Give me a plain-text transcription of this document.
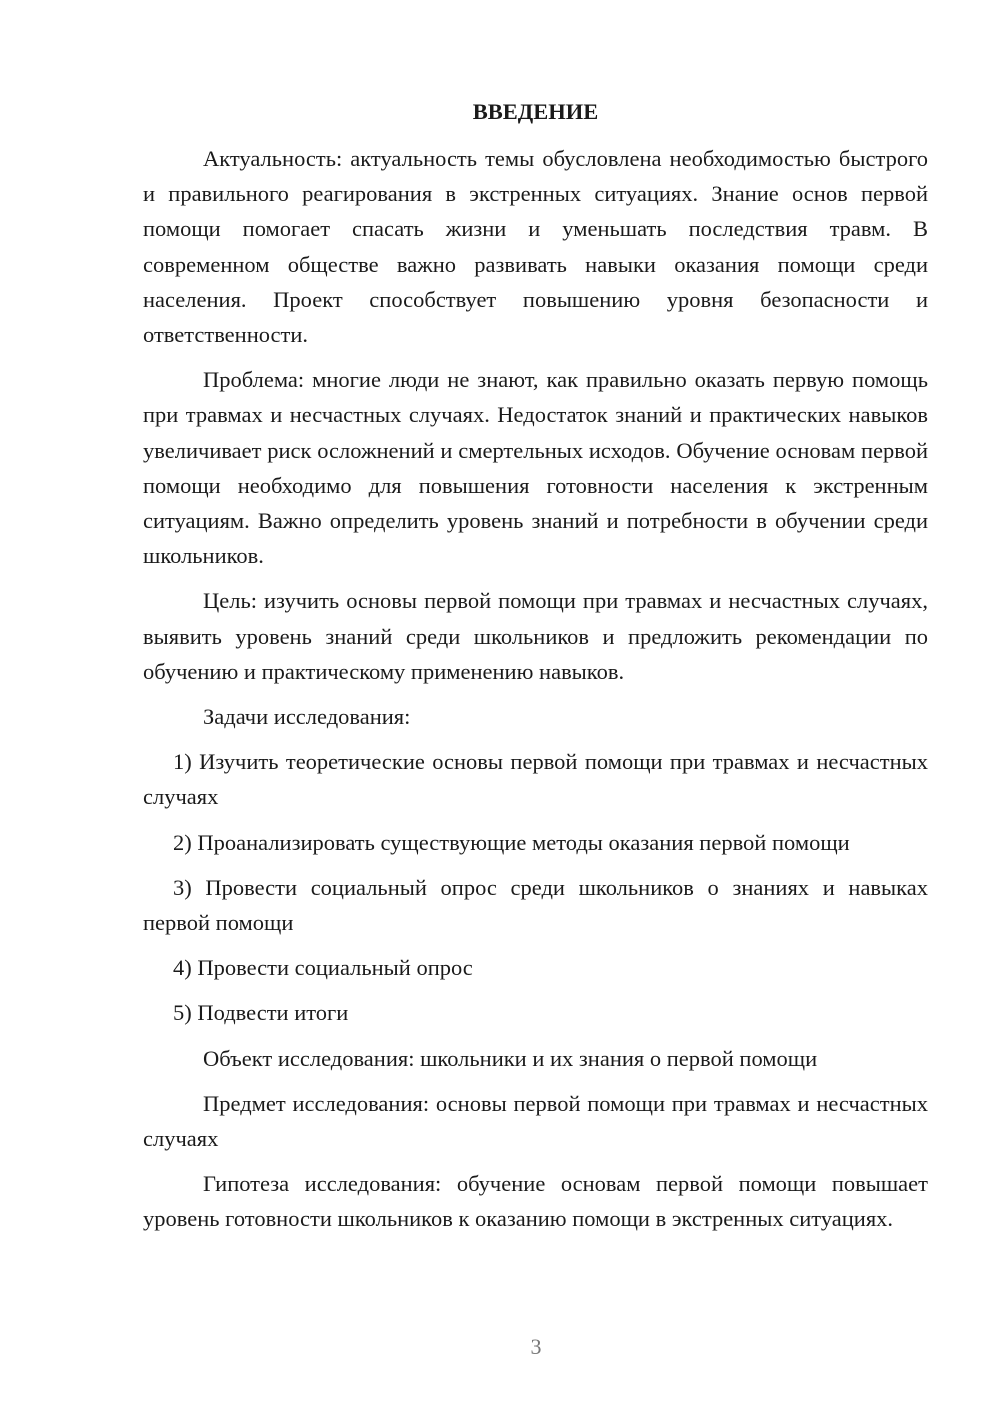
ВВЕДЕНИЕ

Актуальность: актуальность темы обусловлена необходимостью быстрого и правильного реагирования в экстренных ситуациях. Знание основ первой помощи помогает спасать жизни и уменьшать последствия травм. В современном обществе важно развивать навыки оказания помощи среди населения. Проект способствует повышению уровня безопасности и ответственности.

Проблема: многие люди не знают, как правильно оказать первую помощь при травмах и несчастных случаях. Недостаток знаний и практических навыков увеличивает риск осложнений и смертельных исходов. Обучение основам первой помощи необходимо для повышения готовности населения к экстренным ситуациям. Важно определить уровень знаний и потребности в обучении среди школьников.

Цель: изучить основы первой помощи при травмах и несчастных случаях, выявить уровень знаний среди школьников и предложить рекомендации по обучению и практическому применению навыков.

Задачи исследования:

1) Изучить теоретические основы первой помощи при травмах и несчастных случаях

2) Проанализировать существующие методы оказания первой помощи

3) Провести социальный опрос среди школьников о знаниях и навыках первой помощи

4) Провести социальный опрос

5) Подвести итоги

Объект исследования: школьники и их знания о первой помощи

Предмет исследования: основы первой помощи при травмах и несчастных случаях

Гипотеза исследования: обучение основам первой помощи повышает уровень готовности школьников к оказанию помощи в экстренных ситуациях.

3
